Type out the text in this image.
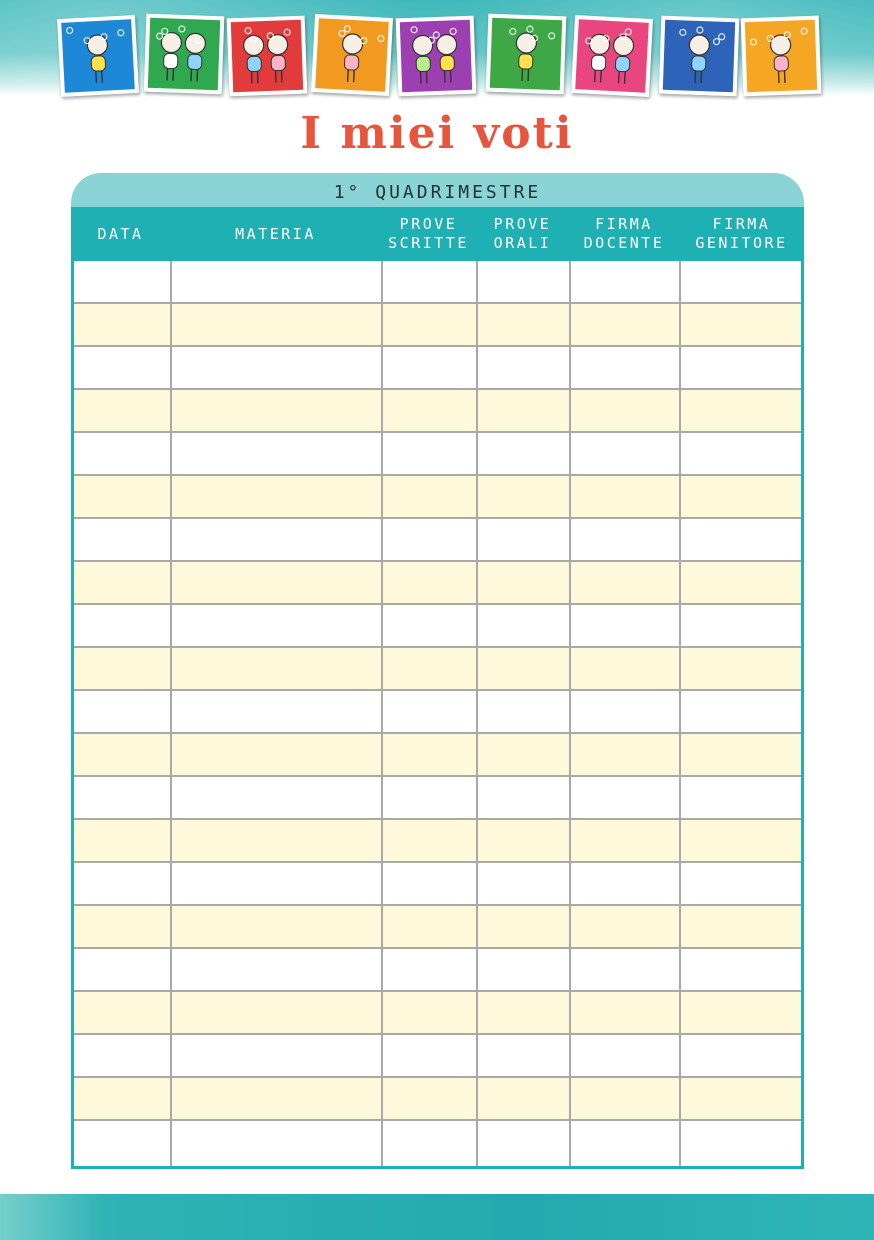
I miei voti
1° QUADRIMESTRE
DATA	MATERIA
PROVE
SCRITTE
PROVE
ORALI
FIRMA
DOCENTE
FIRMA
GENITORE
